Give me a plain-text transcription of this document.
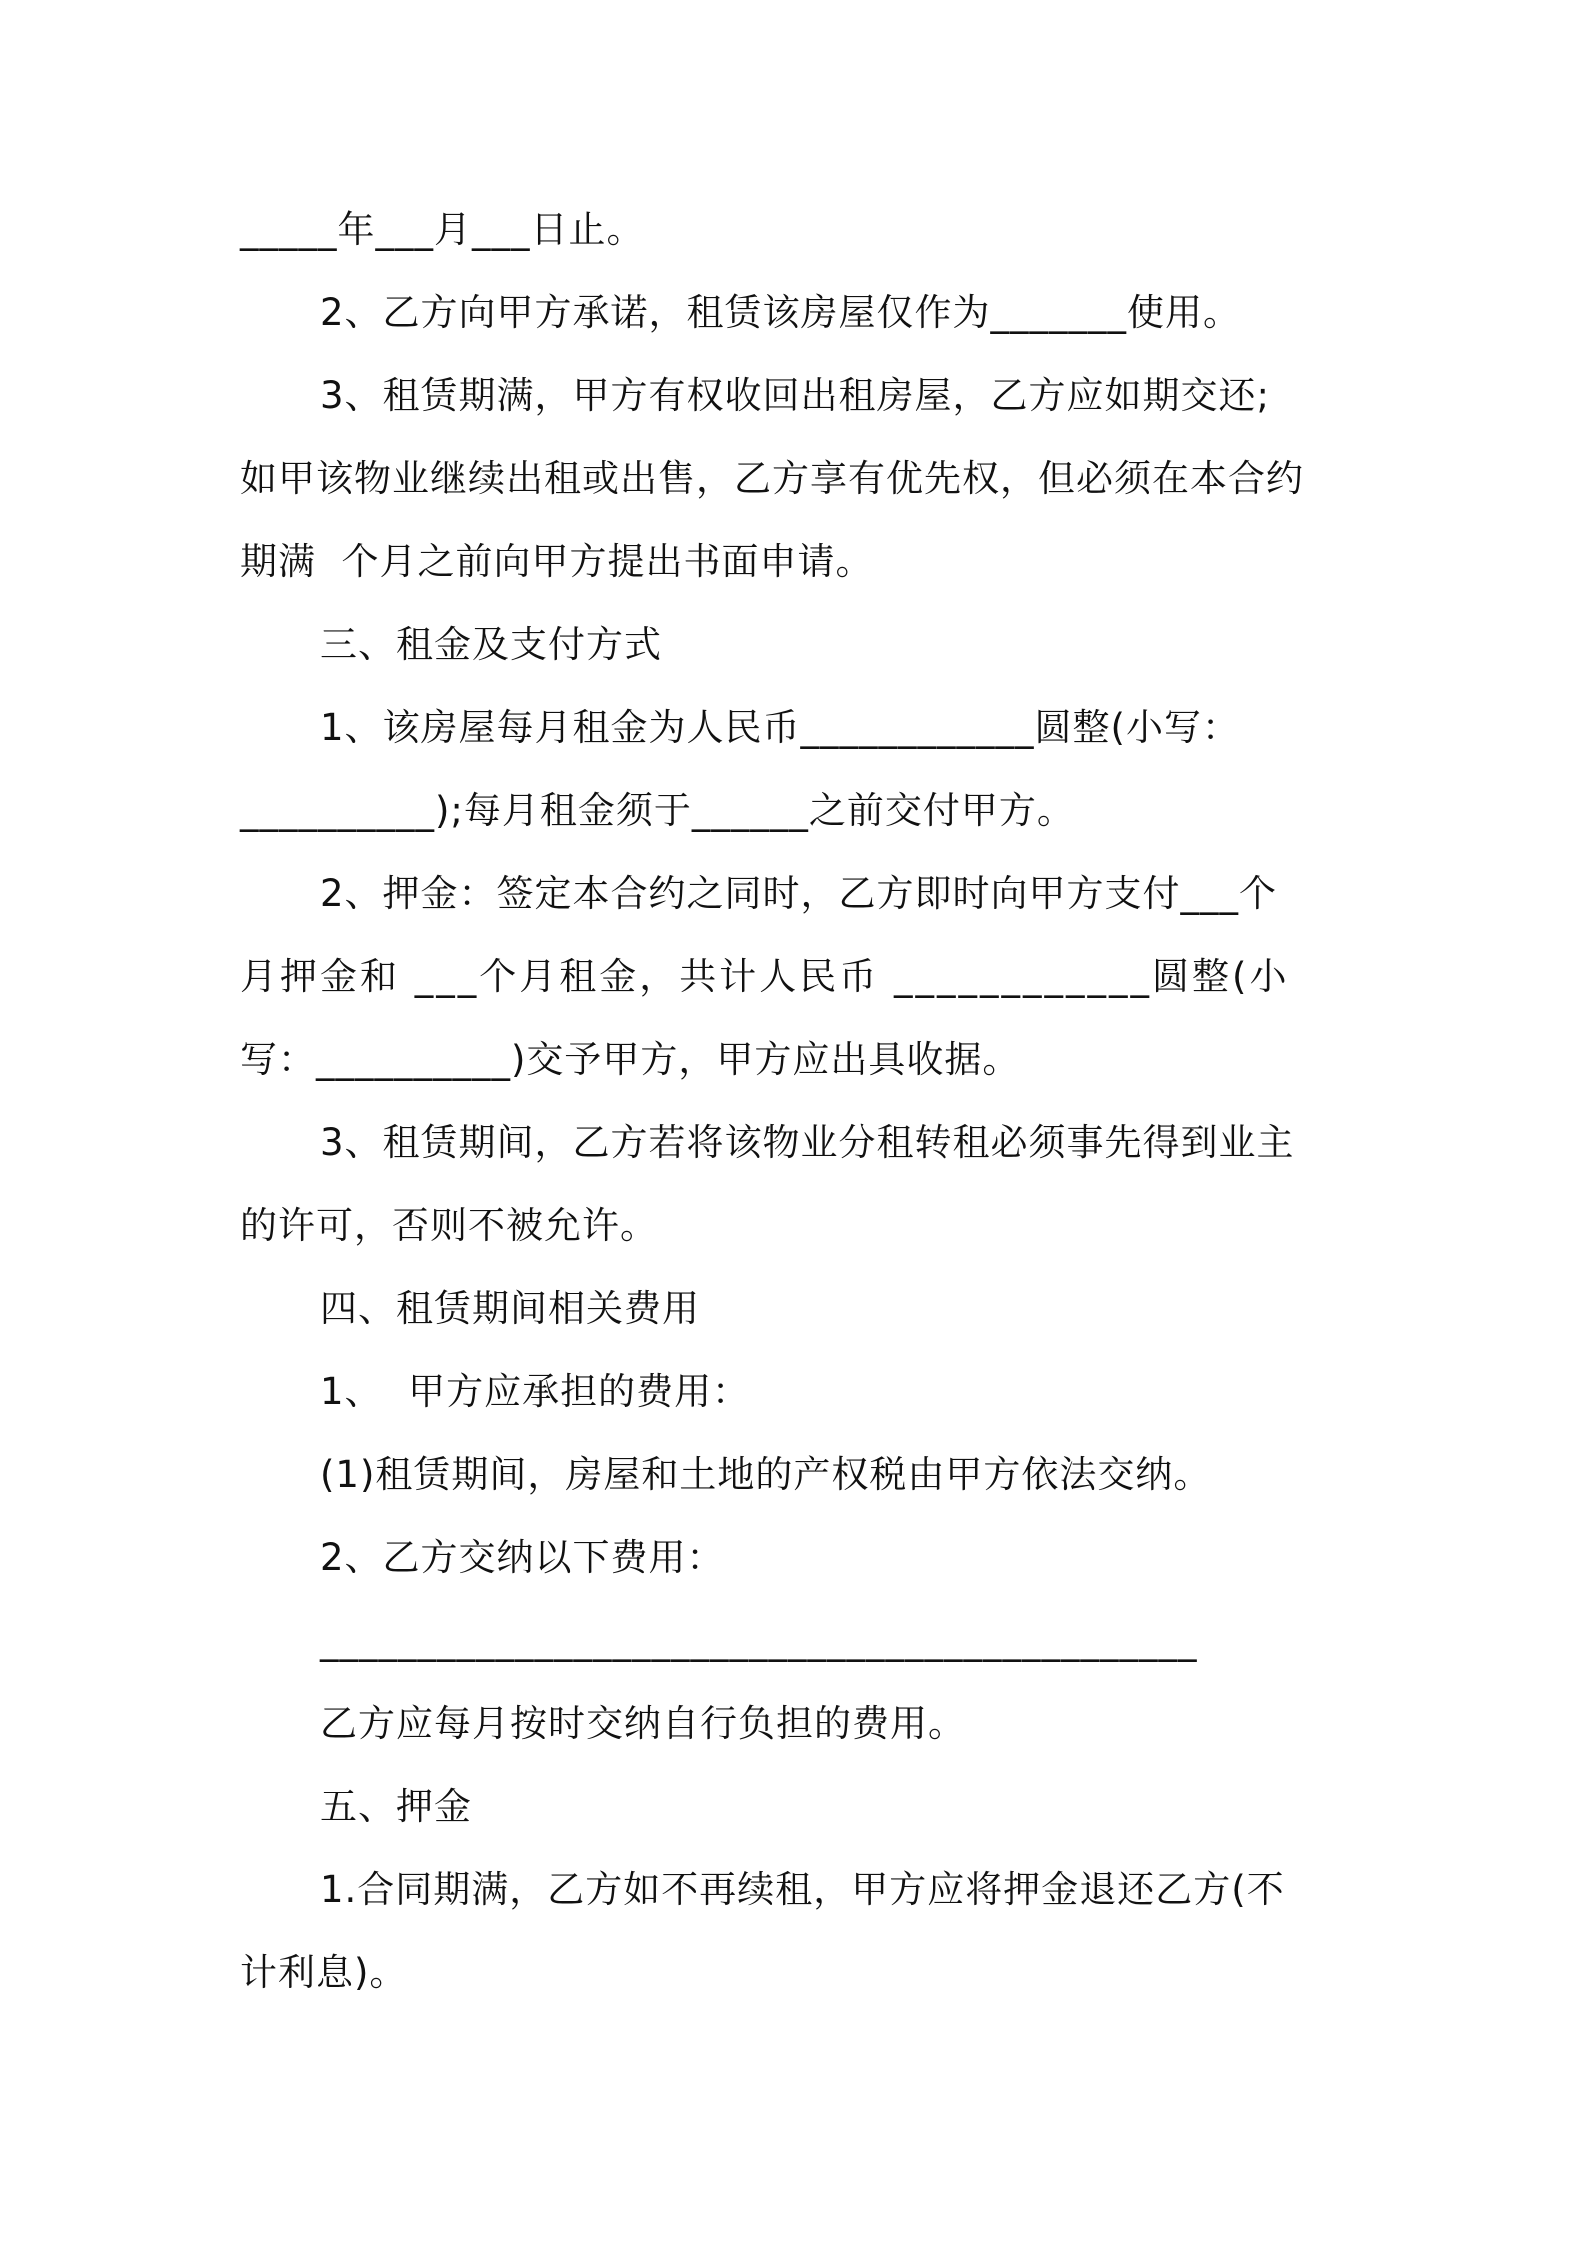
_____年___月___日止。
2、乙方向甲方承诺，租赁该房屋仅作为_______使用。
3、租赁期满，甲方有权收回出租房屋，乙方应如期交还;
如甲该物业继续出租或出售，乙方享有优先权，但必须在本合约
期满  个月之前向甲方提出书面申请。
三、租金及支付方式
1、该房屋每月租金为人民币____________圆整(小写：
__________);每月租金须于______之前交付甲方。
2、押金：签定本合约之同时，乙方即时向甲方支付___个
月押金和 ___个月租金，共计人民币 ____________圆整(小
写：__________)交予甲方，甲方应出具收据。
3、租赁期间，乙方若将该物业分租转租必须事先得到业主
的许可，否则不被允许。
四、租赁期间相关费用
1、  甲方应承担的费用：
(1)租赁期间，房屋和土地的产权税由甲方依法交纳。
2、乙方交纳以下费用：
_____________________________________________
乙方应每月按时交纳自行负担的费用。
五、押金
1.合同期满，乙方如不再续租，甲方应将押金退还乙方(不
计利息)。
